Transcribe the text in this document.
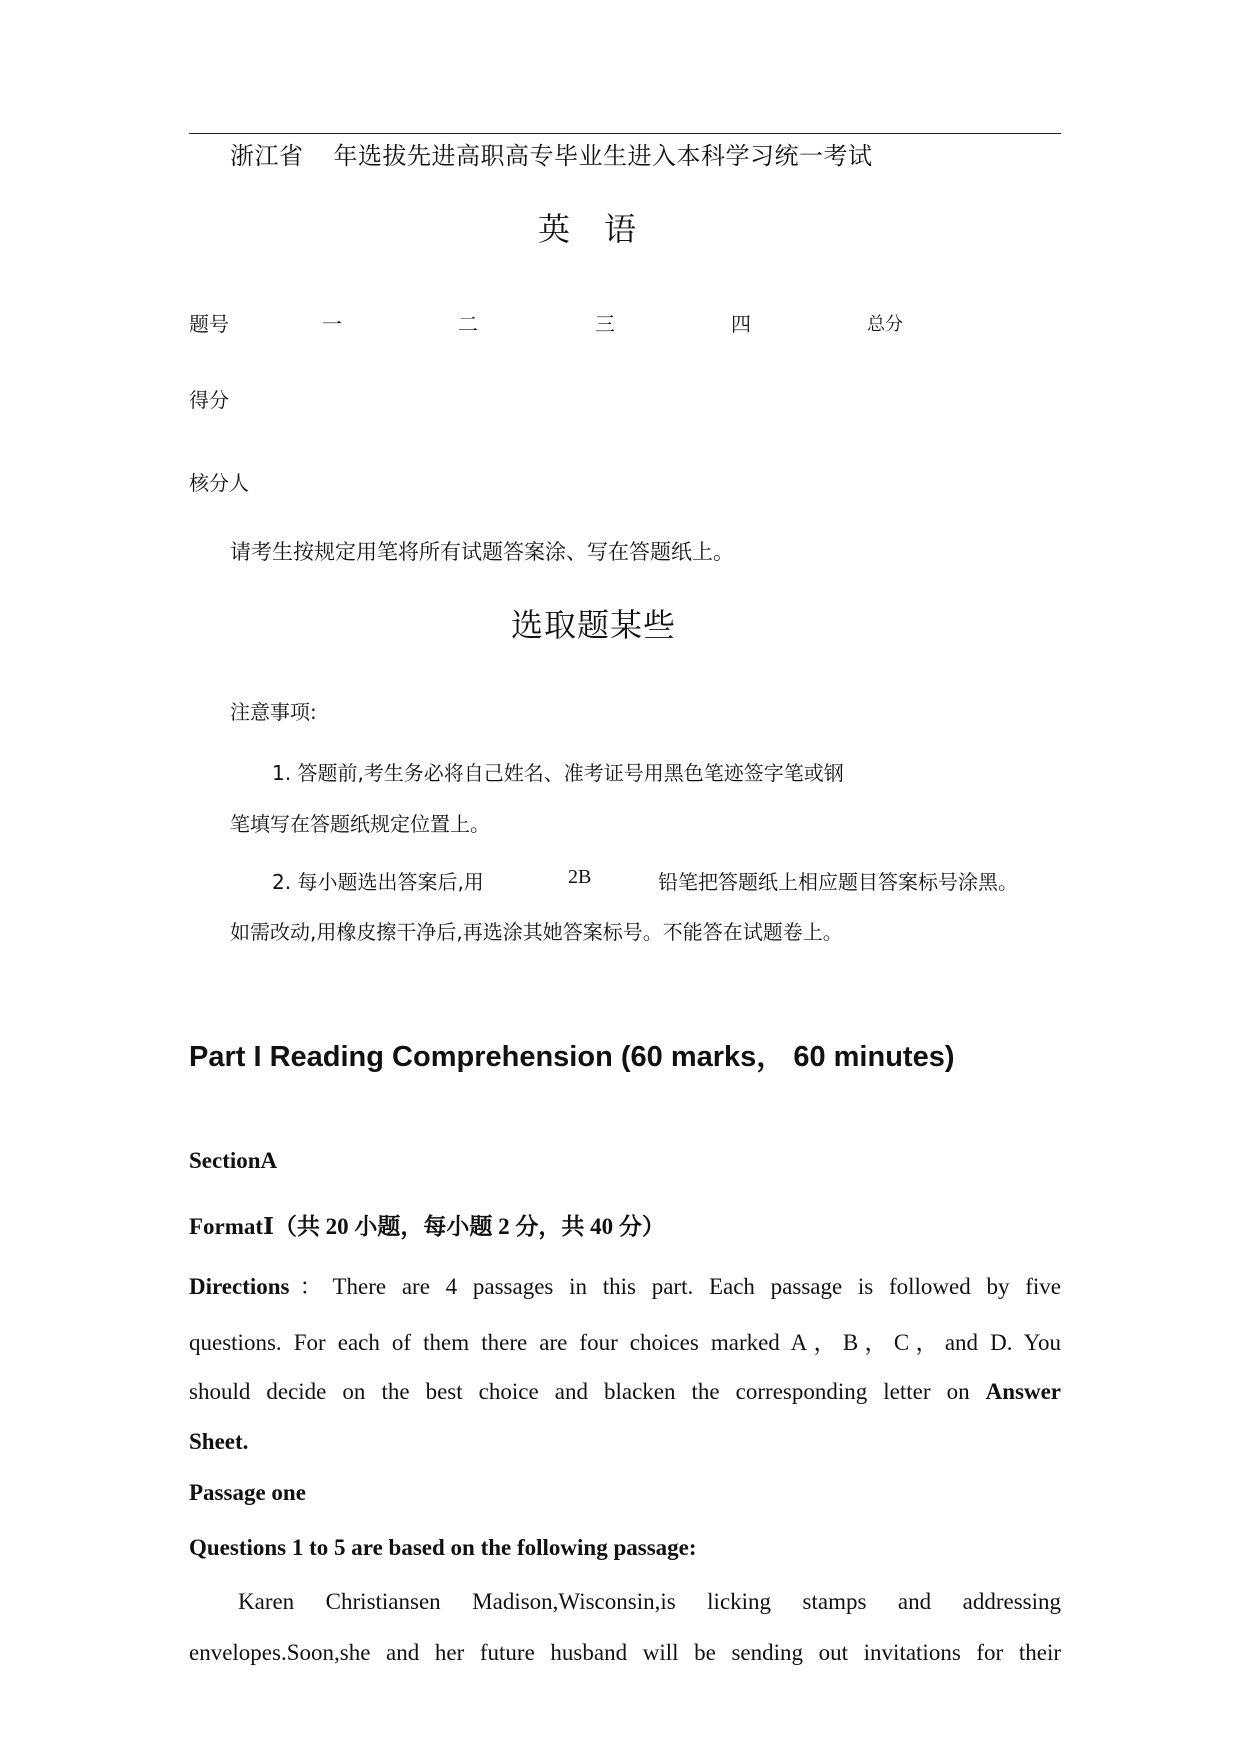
浙江省 年选拔先进高职高专毕业生进入本科学习统一考试
英 语
题号	一	二	三	四	总分
得分
核分人
请考生按规定用笔将所有试题答案涂、写在答题纸上。
选取题某些
注意事项:
1. 答题前,考生务必将自己姓名、准考证号用黑色笔迹签字笔或钢
笔填写在答题纸规定位置上。
2. 每小题选出答案后,用	2B	铅笔把答题纸上相应题目答案标号涂黑。
如需改动,用橡皮擦干净后,再选涂其她答案标号。不能答在试题卷上。
Part I Reading Comprehension (60 marks， 60 minutes)
SectionA
FormatⅠ（共 20 小题，每小题 2 分，共 40 分）
Directions：There are 4 passages in this part. Each passage is followed by five
questions. For each of them there are four choices marked A，B，C，and D. You
should decide on the best choice and blacken the corresponding letter on Answer
Sheet.
Passage one
Questions 1 to 5 are based on the following passage:
Karen Christiansen Madison,Wisconsin,is licking stamps and addressing
envelopes.Soon,she and her future husband will be sending out invitations for their
